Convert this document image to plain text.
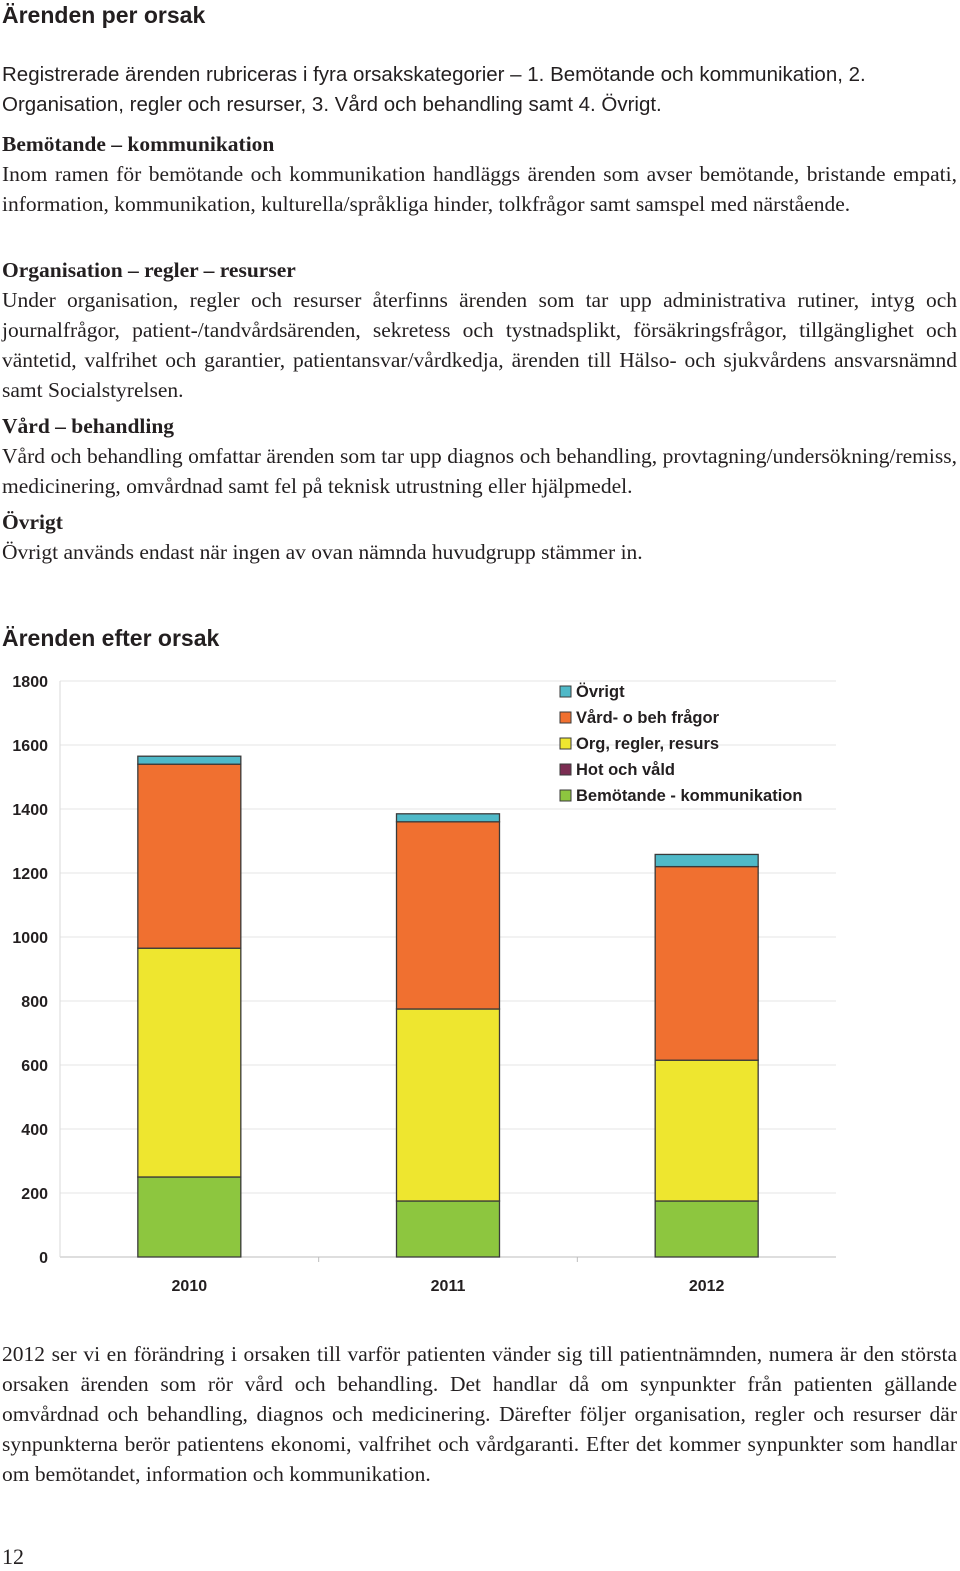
Ärenden per orsak
Registrerade ärenden rubriceras i fyra orsakskategorier – 1. Bemötande och kommunikation, 2. Organisation, regler och resurser, 3. Vård och behandling samt 4. Övrigt.
Bemötande – kommunikation
Inom ramen för bemötande och kommunikation handläggs ärenden som avser bemötande, bristande empati, information, kommunikation, kulturella/språkliga hinder, tolkfrågor samt samspel med närstående.
Organisation – regler – resurser
Under organisation, regler och resurser återfinns ärenden som tar upp administrativa rutiner, intyg och journalfrågor, patient-/tandvårdsärenden, sekretess och tystnadsplikt, försäkringsfrågor, tillgänglighet och väntetid, valfrihet och garantier, patientansvar/vårdkedja, ärenden till Hälso- och sjukvårdens ansvarsnämnd samt Socialstyrelsen.
Vård – behandling
Vård och behandling omfattar ärenden som tar upp diagnos och behandling, provtagning/undersökning/remiss, medicinering, omvårdnad samt fel på teknisk utrustning eller hjälpmedel.
Övrigt
Övrigt används endast när ingen av ovan nämnda huvudgrupp stämmer in.
Ärenden efter orsak
0
200
400
600
800
1000
1200
1400
1600
1800
2010	2011	2012
Övrigt
Vård- o beh frågor
Org, regler, resurs
Hot och våld
Bemötande - kommunikation
2012 ser vi en förändring i orsaken till varför patienten vänder sig till patientnämnden, numera är den största orsaken ärenden som rör vård och behandling. Det handlar då om synpunkter från patienten gällande omvårdnad och behandling, diagnos och medicinering. Därefter följer organisation, regler och resurser där synpunkterna berör patientens ekonomi, valfrihet och vårdgaranti. Efter det kommer synpunkter som handlar om bemötandet, information och kommunikation.
12
